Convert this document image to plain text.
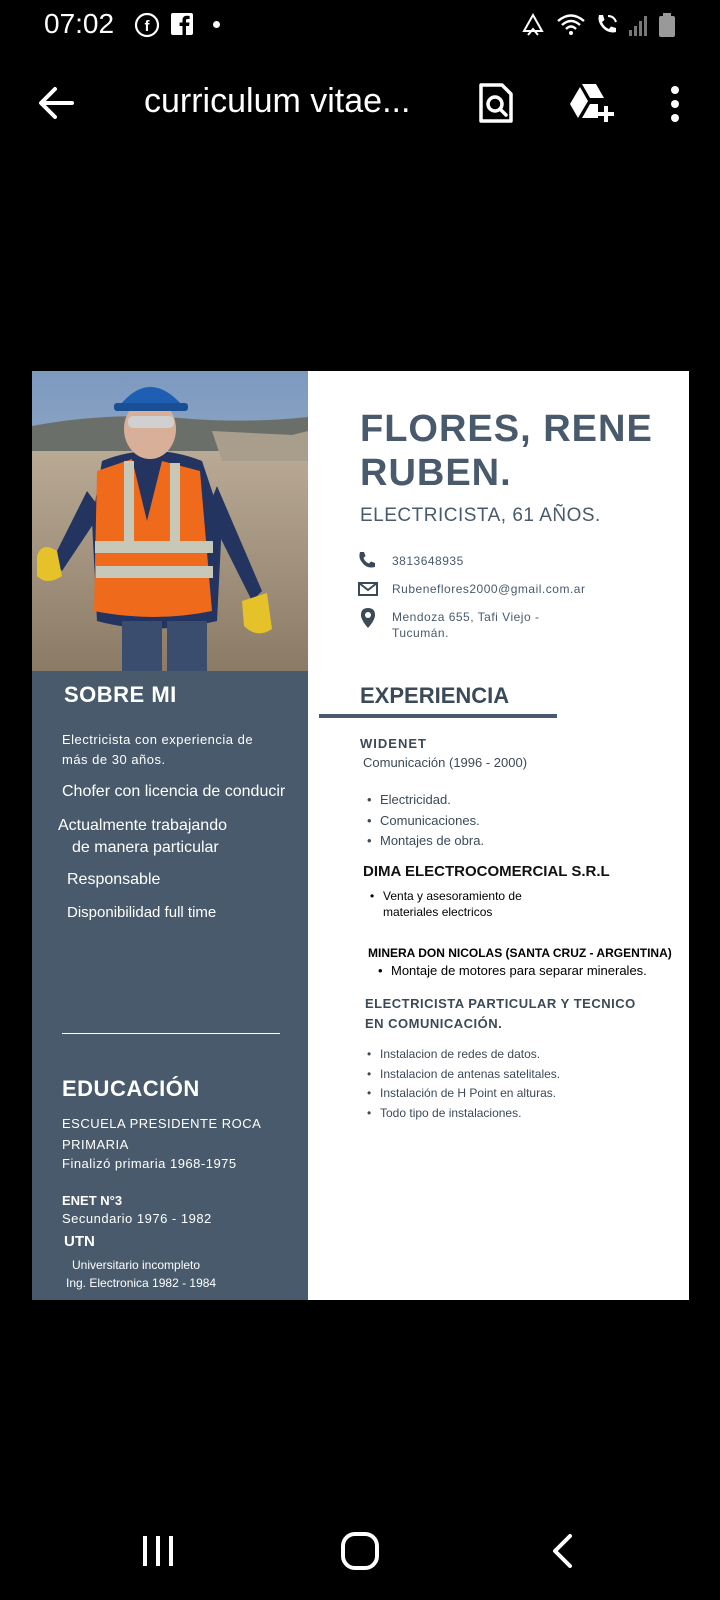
07:02 f
curriculum vitae...
SOBRE MI
Electricista con experiencia de más de 30 años.
Chofer con licencia de conducir
Actualmente trabajando
de manera particular
Responsable
Disponibilidad full time
EDUCACIÓN
ESCUELA PRESIDENTE ROCA
PRIMARIA
Finalizó primaria 1968-1975
ENET N°3
Secundario 1976 - 1982
UTN
Universitario incompleto
Ing. Electronica 1982 - 1984
FLORES, RENE RUBEN.
ELECTRICISTA, 61 AÑOS.
3813648935
Rubeneflores2000@gmail.com.ar
Mendoza 655, Tafi Viejo - Tucumán.
EXPERIENCIA
WIDENET
Comunicación (1996 - 2000)
• Electricidad.
• Comunicaciones.
• Montajes de obra.
DIMA ELECTROCOMERCIAL S.R.L
• Venta y asesoramiento de
materiales electricos
MINERA DON NICOLAS (SANTA CRUZ - ARGENTINA)
• Montaje de motores para separar minerales.
ELECTRICISTA PARTICULAR Y TECNICO
EN COMUNICACIÓN.
• Instalacion de redes de datos.
• Instalacion de antenas satelitales.
• Instalación de H Point en alturas.
• Todo tipo de instalaciones.
